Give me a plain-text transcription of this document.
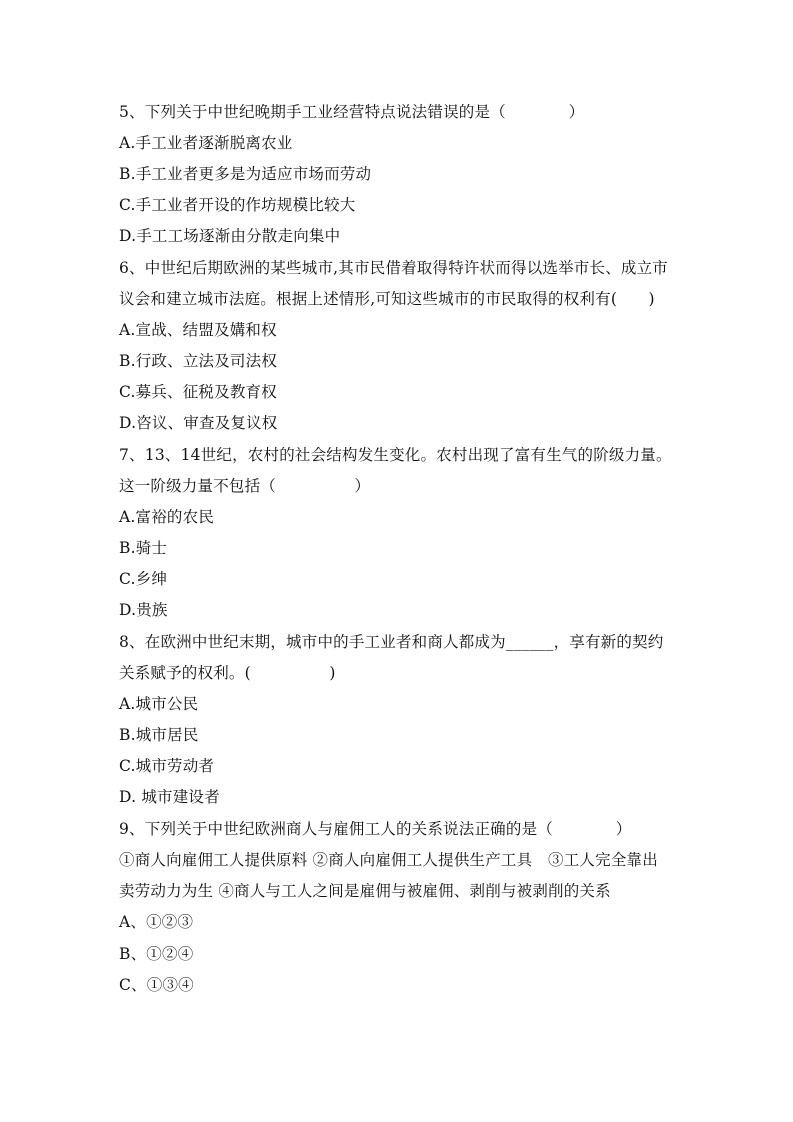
5、下列关于中世纪晚期手工业经营特点说法错误的是（　　　　）
A.手工业者逐渐脱离农业
B.手工业者更多是为适应市场而劳动
C.手工业者开设的作坊规模比较大
D.手工工场逐渐由分散走向集中
6、中世纪后期欧洲的某些城市,其市民借着取得特许状而得以选举市长、成立市
议会和建立城市法庭。根据上述情形,可知这些城市的市民取得的权利有(　　)
A.宣战、结盟及媾和权
B.行政、立法及司法权
C.募兵、征税及教育权
D.咨议、审查及复议权
7、13、14世纪，农村的社会结构发生变化。农村出现了富有生气的阶级力量。
这一阶级力量不包括（　　　　　）
A.富裕的农民
B.骑士
C.乡绅
D.贵族
8、在欧洲中世纪末期，城市中的手工业者和商人都成为______，享有新的契约
关系赋予的权利。(　　　　　)
A.城市公民
B.城市居民
C.城市劳动者
D. 城市建设者
9、下列关于中世纪欧洲商人与雇佣工人的关系说法正确的是（　　　　）
①商人向雇佣工人提供原料 ②商人向雇佣工人提供生产工具　③工人完全靠出
卖劳动力为生 ④商人与工人之间是雇佣与被雇佣、剥削与被剥削的关系
A、①②③
B、①②④
C、①③④
